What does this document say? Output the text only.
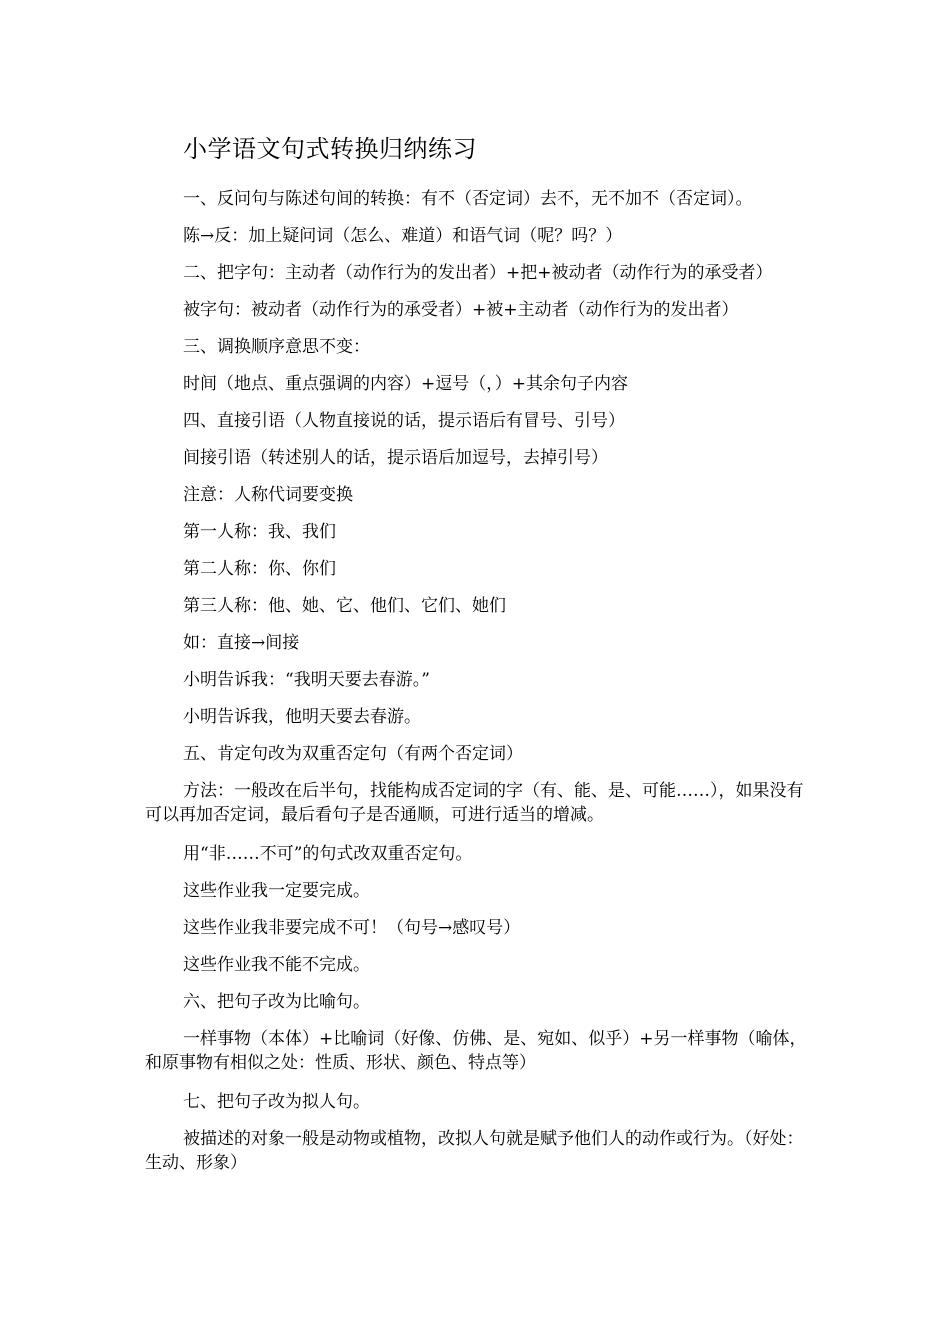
小学语文句式转换归纳练习
一、反问句与陈述句间的转换：有不（否定词）去不，无不加不（否定词）。
陈→反：加上疑问词（怎么、难道）和语气词（呢？吗？）
二、把字句：主动者（动作行为的发出者）+把+被动者（动作行为的承受者）
被字句：被动者（动作行为的承受者）+被+主动者（动作行为的发出者）
三、调换顺序意思不变：
时间（地点、重点强调的内容）+逗号（，）+其余句子内容
四、直接引语（人物直接说的话，提示语后有冒号、引号）
间接引语（转述别人的话，提示语后加逗号，去掉引号）
注意：人称代词要变换
第一人称：我、我们
第二人称：你、你们
第三人称：他、她、它、他们、它们、她们
如：直接→间接
小明告诉我：“我明天要去春游。”
小明告诉我，他明天要去春游。
五、肯定句改为双重否定句（有两个否定词）
方法：一般改在后半句，找能构成否定词的字（有、能、是、可能……），如果没有可以再加否定词，最后看句子是否通顺，可进行适当的增减。
用“非……不可”的句式改双重否定句。
这些作业我一定要完成。
这些作业我非要完成不可！（句号→感叹号）
这些作业我不能不完成。
六、把句子改为比喻句。
一样事物（本体）+比喻词（好像、仿佛、是、宛如、似乎）+另一样事物（喻体，和原事物有相似之处：性质、形状、颜色、特点等）
七、把句子改为拟人句。
被描述的对象一般是动物或植物，改拟人句就是赋予他们人的动作或行为。（好处：生动、形象）
